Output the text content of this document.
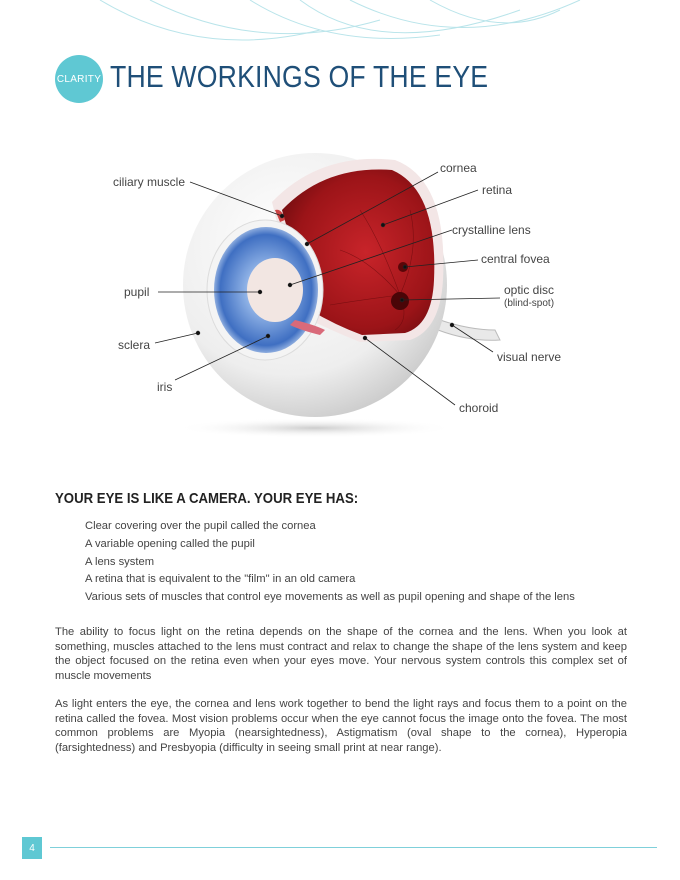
CLARITY THE WORKINGS OF THE EYE
ciliary muscle
cornea
retina
crystalline lens
central fovea
optic disc
(blind-spot)
pupil
sclera
iris
visual nerve
choroid
YOUR EYE IS LIKE A CAMERA. YOUR EYE HAS:
Clear covering over the pupil called the cornea
A variable opening called the pupil
A lens system
A retina that is equivalent to the "film" in an old camera
Various sets of muscles that control eye movements as well as pupil opening and shape of the lens

The ability to focus light on the retina depends on the shape of the cornea and the lens. When you look at something, muscles attached to the lens must contract and relax to change the shape of the lens system and keep the object focused on the retina even when your eyes move. Your nervous system controls this complex set of muscle movements

As light enters the eye, the cornea and lens work together to bend the light rays and focus them to a point on the retina called the fovea. Most vision problems occur when the eye cannot focus the image onto the fovea. The most common problems are Myopia (nearsightedness), Astigmatism (oval shape to the cornea), Hyperopia (farsightedness) and Presbyopia (difficulty in seeing small print at near range).

4
